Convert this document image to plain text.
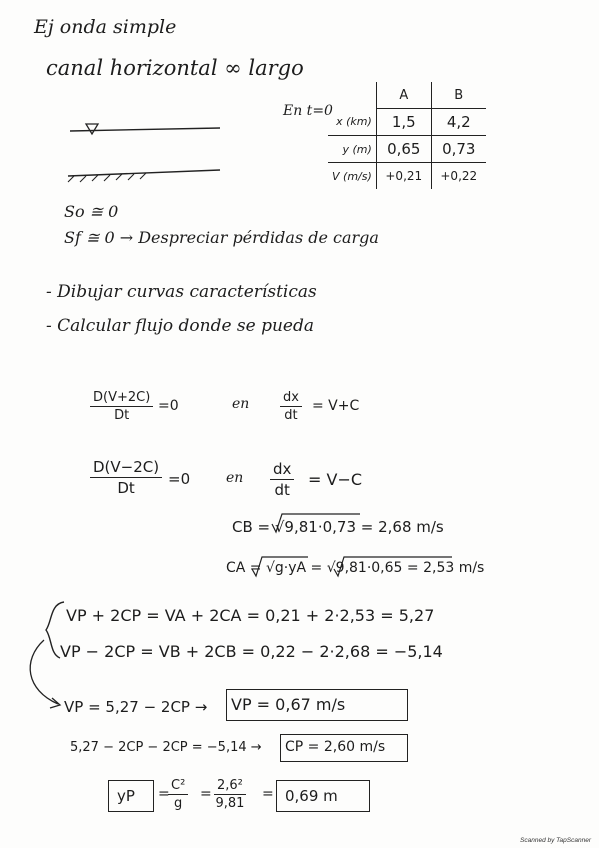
Ej onda simple
canal horizontal ∞ largo
En t=0
	A	B
x (km)	1,5	4,2
y (m)	0,65	0,73
V (m/s)	+0,21	+0,22
So ≅ 0
Sf ≅ 0 → Despreciar pérdidas de carga
- Dibujar curvas características
- Calcular flujo donde se pueda
$\frac{D(V+2C)}{Dt} =0$	en $\frac{dx}{dt} = V+C$
$\frac{D(V-2C)}{Dt} =0$	en $\frac{dx}{dt} = V-C$
CB = √9,81·0,73 = 2,68 m/s
CA = √g·yA = √9,81·0,65 = 2,53 m/s
VP + 2CP = VA + 2CA = 0,21 + 2·2,53 = 5,27
VP − 2CP = VB + 2CB = 0,22 − 2·2,68 = −5,14
VP = 5,27 − 2CP → VP = 0,67 m/s
5,27 − 2CP − 2CP = −5,14 → CP = 2,60 m/s
yP =
$\frac{\text{C²}}{g} = \frac{\text{2,6²}}{9,81} = 0,69$ m
Scanned by TapScanner
